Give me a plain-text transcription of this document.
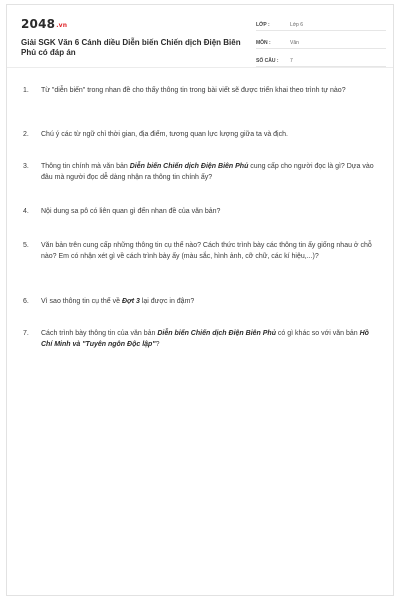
2048.vn
Giải SGK Văn 6 Cánh diều Diễn biến Chiến dịch Điện Biên Phủ có đáp án
LỚP :	Lớp 6
MÔN :	Văn
SỐ CÂU :	7
1.	Từ "diễn biến" trong nhan đề cho thấy thông tin trong bài viết sẽ được triển khai theo trình tự nào?
2.	Chú ý các từ ngữ chỉ thời gian, địa điểm, tương quan lực lượng giữa ta và địch.
3.	Thông tin chính mà văn bản Diễn biến Chiến dịch Điện Biên Phủ cung cấp cho người đọc là gì? Dựa vào đâu mà người đọc dễ dàng nhận ra thông tin chính ấy?
4.	Nội dung sa pô có liên quan gì đến nhan đề của văn bản?
5.	Văn bản trên cung cấp những thông tin cụ thể nào? Cách thức trình bày các thông tin ấy giống nhau ở chỗ nào? Em có nhận xét gì về cách trình bày ấy (màu sắc, hình ảnh, cỡ chữ, các kí hiệu,...)?
6.	Vì sao thông tin cụ thể về Đợt 3 lại được in đậm?
7.	Cách trình bày thông tin của văn bản Diễn biến Chiến dịch Điện Biên Phủ có gì khác so với văn bản Hồ Chí Minh và "Tuyên ngôn Độc lập"?
